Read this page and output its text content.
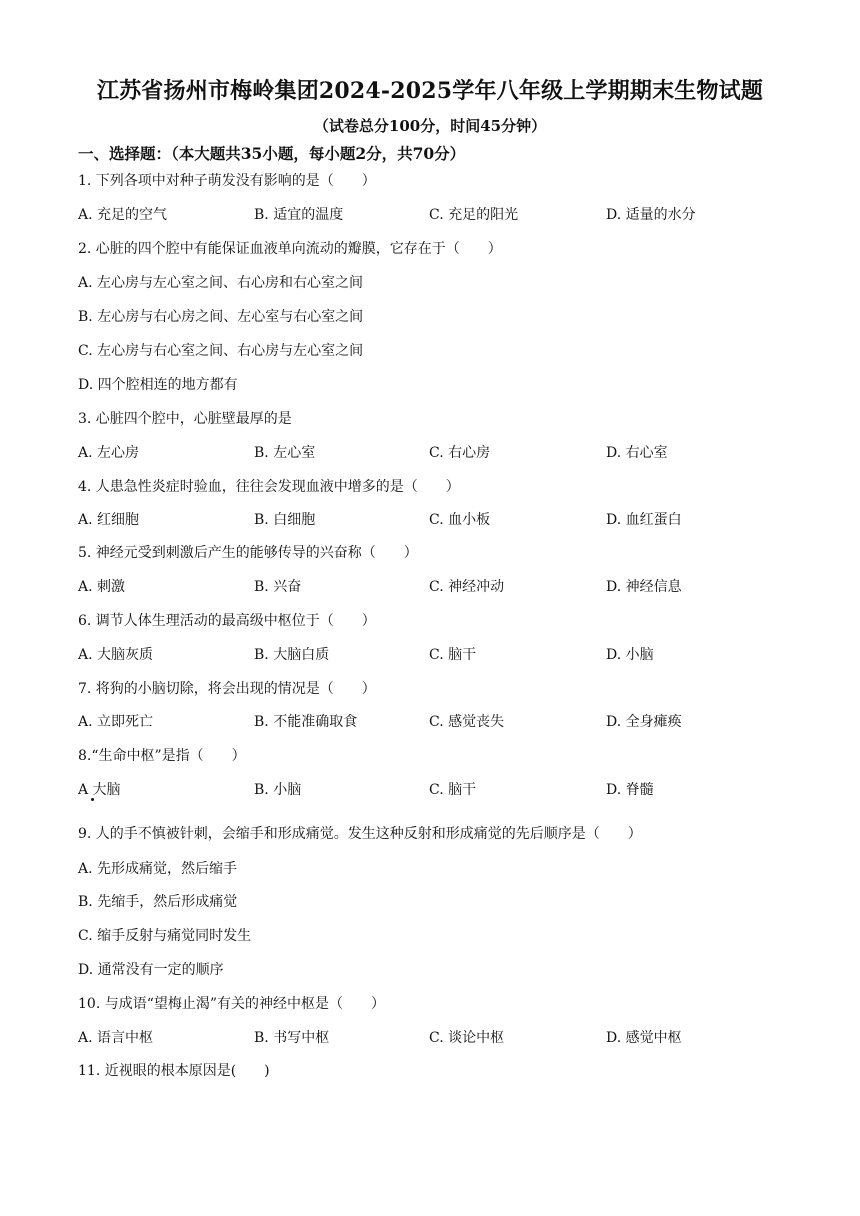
江苏省扬州市梅岭集团2024-2025学年八年级上学期期末生物试题
（试卷总分100分，时间45分钟）
一、选择题：（本大题共35小题，每小题2分，共70分）
1. 下列各项中对种子萌发没有影响的是（　　）
A. 充足的空气	B. 适宜的温度	C. 充足的阳光	D. 适量的水分
2. 心脏的四个腔中有能保证血液单向流动的瓣膜，它存在于（　　）
A. 左心房与左心室之间、右心房和右心室之间
B. 左心房与右心房之间、左心室与右心室之间
C. 左心房与右心室之间、右心房与左心室之间
D. 四个腔相连的地方都有
3. 心脏四个腔中，心脏壁最厚的是
A. 左心房	B. 左心室	C. 右心房	D. 右心室
4. 人患急性炎症时验血，往往会发现血液中增多的是（　　）
A. 红细胞	B. 白细胞	C. 血小板	D. 血红蛋白
5. 神经元受到刺激后产生的能够传导的兴奋称（　　）
A. 刺激	B. 兴奋	C. 神经冲动	D. 神经信息
6. 调节人体生理活动的最高级中枢位于（　　）
A. 大脑灰质	B. 大脑白质	C. 脑干	D. 小脑
7. 将狗的小脑切除，将会出现的情况是（　　）
A. 立即死亡	B. 不能准确取食	C. 感觉丧失	D. 全身瘫痪
8.“生命中枢”是指（　　）
A 大脑	B. 小脑	C. 脑干	D. 脊髓
9. 人的手不慎被针刺，会缩手和形成痛觉。发生这种反射和形成痛觉的先后顺序是（　　）
A. 先形成痛觉，然后缩手
B. 先缩手，然后形成痛觉
C. 缩手反射与痛觉同时发生
D. 通常没有一定的顺序
10. 与成语“望梅止渴”有关的神经中枢是（　　）
A. 语言中枢	B. 书写中枢	C. 谈论中枢	D. 感觉中枢
11. 近视眼的根本原因是(　　)
